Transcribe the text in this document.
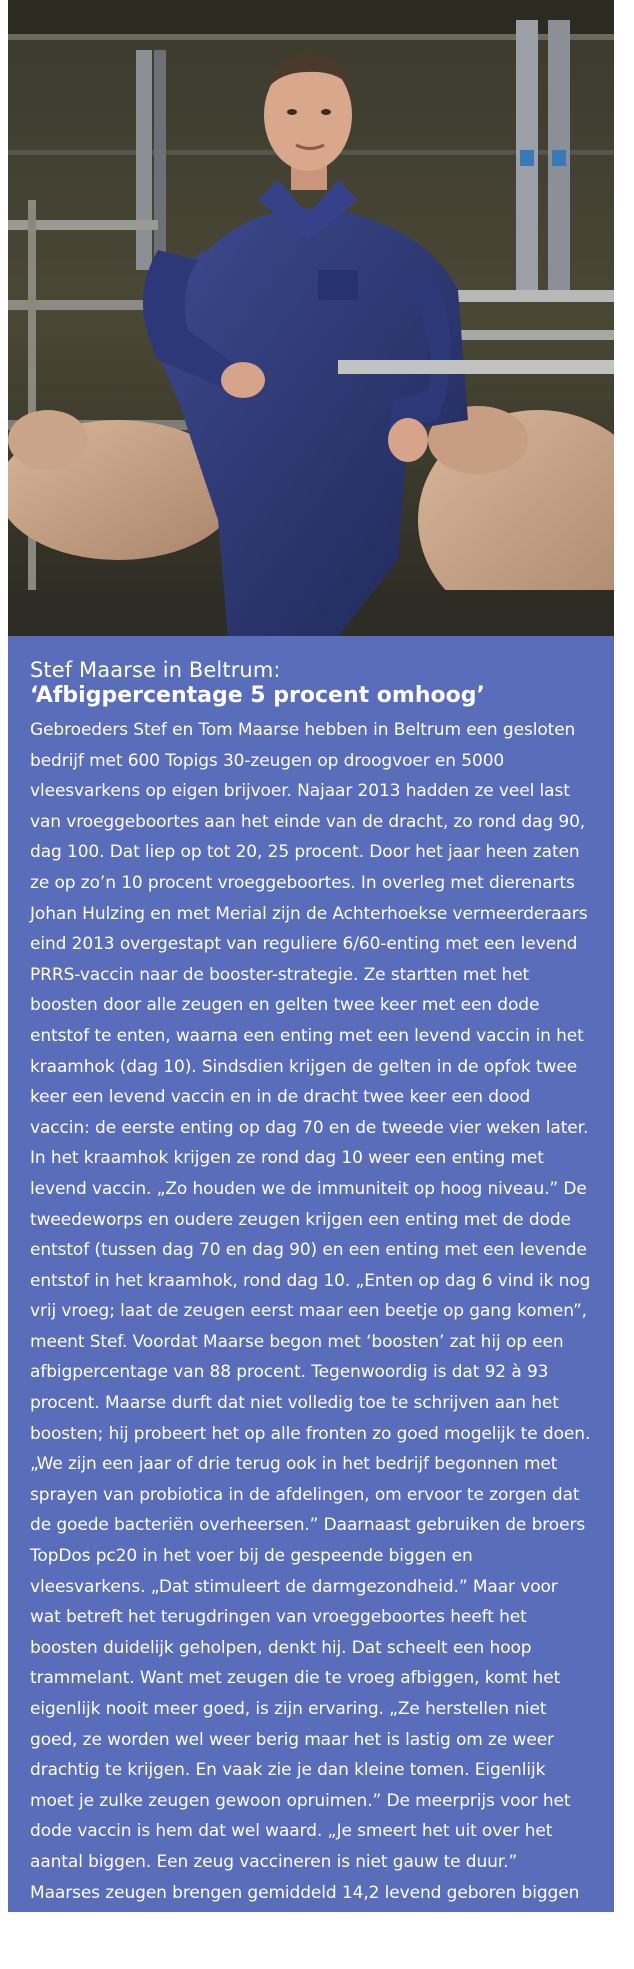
Stef Maarse in Beltrum:
‘Afbigpercentage 5 procent omhoog’

Gebroeders Stef en Tom Maarse hebben in Beltrum een gesloten bedrijf met 600 Topigs 30-zeugen op droogvoer en 5000 vleesvarkens op eigen brijvoer. Najaar 2013 hadden ze veel last van vroeggeboortes aan het einde van de dracht, zo rond dag 90, dag 100. Dat liep op tot 20, 25 procent. Door het jaar heen zaten ze op zo’n 10 procent vroeggeboortes. In overleg met dierenarts Johan Hulzing en met Merial zijn de Achterhoekse vermeerderaars eind 2013 overgestapt van reguliere 6/60-enting met een levend PRRS-vaccin naar de booster-strategie. Ze startten met het boosten door alle zeugen en gelten twee keer met een dode entstof te enten, waarna een enting met een levend vaccin in het kraamhok (dag 10). Sindsdien krijgen de gelten in de opfok twee keer een levend vaccin en in de dracht twee keer een dood vaccin: de eerste enting op dag 70 en de tweede vier weken later. In het kraamhok krijgen ze rond dag 10 weer een enting met levend vaccin. „Zo houden we de immuniteit op hoog niveau.” De tweedeworps en oudere zeugen krijgen een enting met de dode entstof (tussen dag 70 en dag 90) en een enting met een levende entstof in het kraamhok, rond dag 10. „Enten op dag 6 vind ik nog vrij vroeg; laat de zeugen eerst maar een beetje op gang komen”, meent Stef. Voordat Maarse begon met ‘boosten’ zat hij op een afbigpercentage van 88 procent. Tegenwoordig is dat 92 à 93 procent. Maarse durft dat niet volledig toe te schrijven aan het boosten; hij probeert het op alle fronten zo goed mogelijk te doen. „We zijn een jaar of drie terug ook in het bedrijf begonnen met sprayen van probiotica in de afdelingen, om ervoor te zorgen dat de goede bacteriën overheersen.” Daarnaast gebruiken de broers TopDos pc20 in het voer bij de gespeende biggen en vleesvarkens. „Dat stimuleert de darmgezondheid.” Maar voor wat betreft het terugdringen van vroeggeboortes heeft het boosten duidelijk geholpen, denkt hij. Dat scheelt een hoop trammelant. Want met zeugen die te vroeg afbiggen, komt het eigenlijk nooit meer goed, is zijn ervaring. „Ze herstellen niet goed, ze worden wel weer berig maar het is lastig om ze weer drachtig te krijgen. En vaak zie je dan kleine tomen. Eigenlijk moet je zulke zeugen gewoon opruimen.” De meerprijs voor het dode vaccin is hem dat wel waard. „Je smeert het uit over het aantal biggen. Een zeug vaccineren is niet gauw te duur.” Maarses zeugen brengen gemiddeld 14,2 levend geboren biggen per worp en 30 gespeende biggen op jaarbasis. De uitval tot spenen is 11,5 procent.
